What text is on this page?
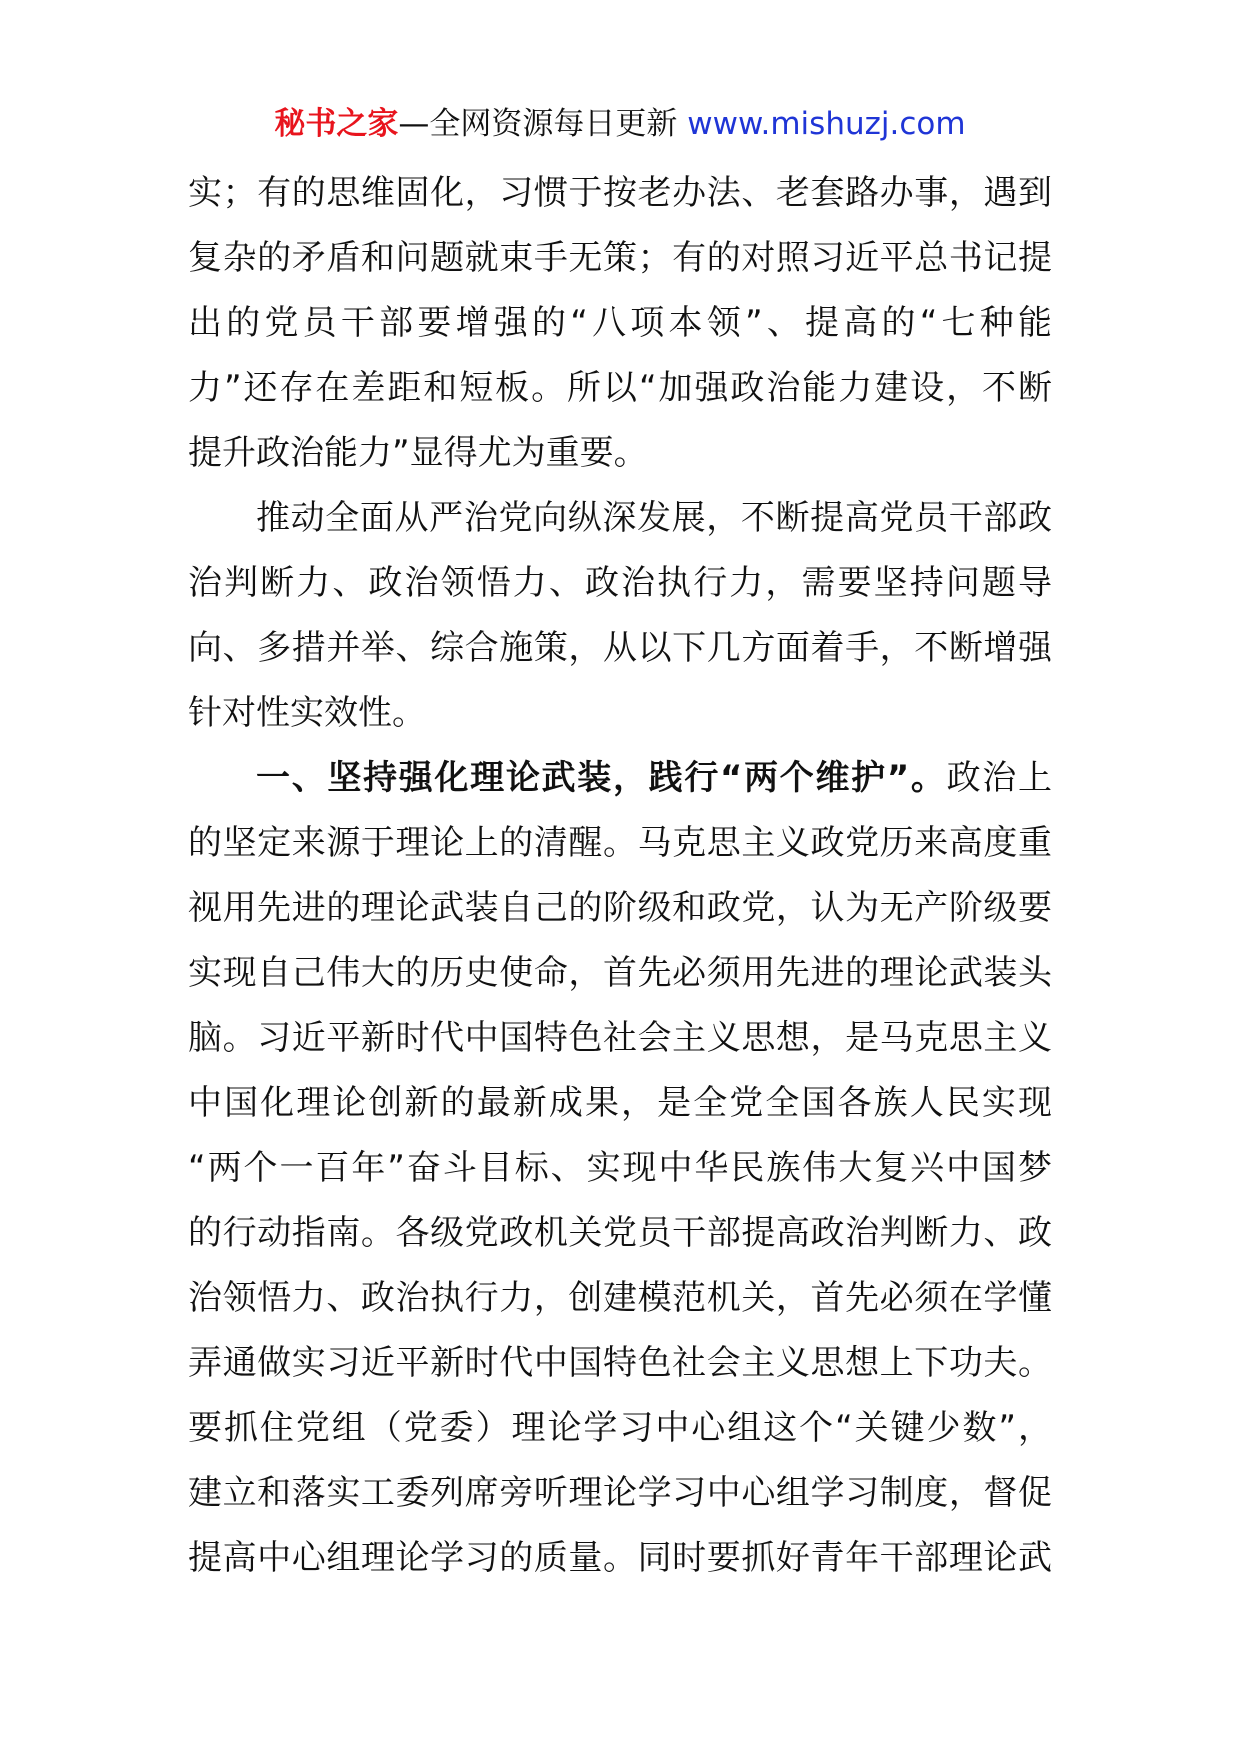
秘书之家—全网资源每日更新 www.mishuzj.com
实；有的思维固化，习惯于按老办法、老套路办事，遇到
复杂的矛盾和问题就束手无策；有的对照习近平总书记提
出的党员干部要增强的“八项本领”、提高的“七种能
力”还存在差距和短板。所以“加强政治能力建设，不断
提升政治能力”显得尤为重要。
推动全面从严治党向纵深发展，不断提高党员干部政
治判断力、政治领悟力、政治执行力，需要坚持问题导
向、多措并举、综合施策，从以下几方面着手，不断增强
针对性实效性。
一、坚持强化理论武装，践行“两个维护”。政治上
的坚定来源于理论上的清醒。马克思主义政党历来高度重
视用先进的理论武装自己的阶级和政党，认为无产阶级要
实现自己伟大的历史使命，首先必须用先进的理论武装头
脑。习近平新时代中国特色社会主义思想，是马克思主义
中国化理论创新的最新成果，是全党全国各族人民实现
“两个一百年”奋斗目标、实现中华民族伟大复兴中国梦
的行动指南。各级党政机关党员干部提高政治判断力、政
治领悟力、政治执行力，创建模范机关，首先必须在学懂
弄通做实习近平新时代中国特色社会主义思想上下功夫。
要抓住党组（党委）理论学习中心组这个“关键少数”，
建立和落实工委列席旁听理论学习中心组学习制度，督促
提高中心组理论学习的质量。同时要抓好青年干部理论武
